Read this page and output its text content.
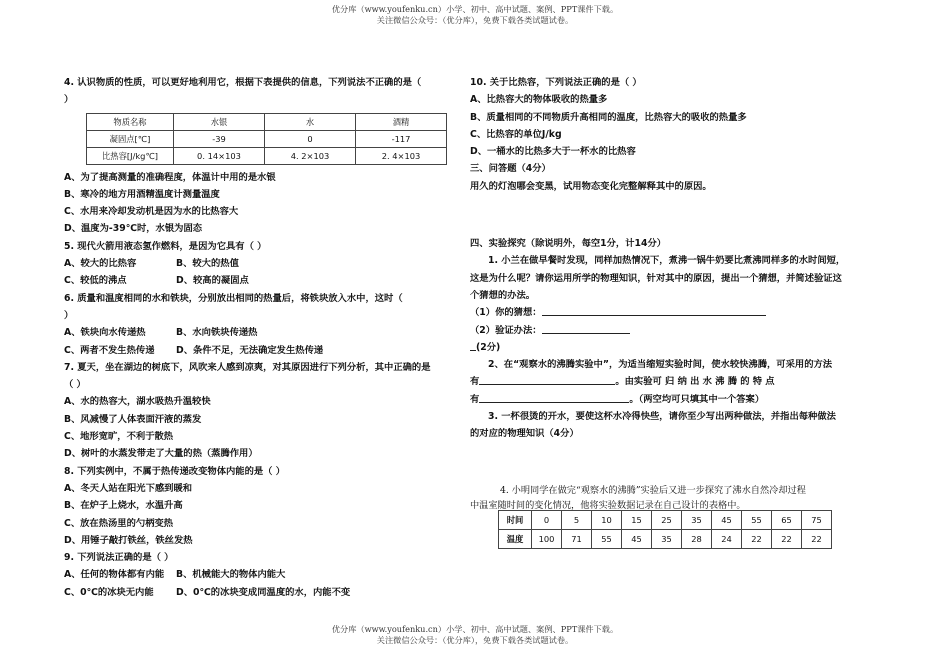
优分库（www.youfenku.cn）小学、初中、高中试题、案例、PPT课件下载。
关注微信公众号：（优分库），免费下载各类试题试卷。
4. 认识物质的性质，可以更好地利用它，根据下表提供的信息，下列说法不正确的是（
）
物质名称	水银	水	酒精
凝固点[℃]	-39	0	-117
比热容[J/kg℃]	0. 14×103	4. 2×103	2. 4×103
A、为了提高测量的准确程度，体温计中用的是水银
B、寒冷的地方用酒精温度计测量温度
C、水用来冷却发动机是因为水的比热容大
D、温度为-39℃时，水银为固态
5. 现代火箭用液态氢作燃料，是因为它具有（ ）
A、较大的比热容	B、较大的热值
C、较低的沸点	D、较高的凝固点
6. 质量和温度相同的水和铁块，分别放出相同的热量后，将铁块放入水中，这时（
）
A、铁块向水传递热	B、水向铁块传递热
C、两者不发生热传递 D、条件不足，无法确定发生热传递
7. 夏天，坐在湖边的树底下，风吹来人感到凉爽，对其原因进行下列分析，其中正确的是
（ ）
A、水的热容大，湖水吸热升温较快
B、风减慢了人体表面汗液的蒸发
C、地形宽旷，不利于散热
D、树叶的水蒸发带走了大量的热（蒸腾作用）
8. 下列实例中，不属于热传递改变物体内能的是（ ）
A、冬天人站在阳光下感到暖和
B、在炉子上烧水，水温升高
C、放在热汤里的勺柄变热
D、用锤子敲打铁丝，铁丝发热
9. 下列说法正确的是（ ）
A、任何的物体都有内能 B、机械能大的物体内能大
C、0℃的冰块无内能 D、0℃的冰块变成同温度的水，内能不变
10. 关于比热容，下列说法正确的是（ ）
A、比热容大的物体吸收的热量多
B、质量相同的不同物质升高相同的温度，比热容大的吸收的热量多
C、比热容的单位J/kg
D、一桶水的比热多大于一杯水的比热容
三、问答题（4分）
用久的灯泡哪会变黑，试用物态变化完整解释其中的原因。
四、实验探究（除说明外，每空1分，计14分）
1. 小兰在做早餐时发现，同样加热情况下，煮沸一锅牛奶要比煮沸同样多的水时间短，
这是为什么呢？请你运用所学的物理知识，针对其中的原因，提出一个猜想，并简述验证这
个猜想的办法。
（1）你的猜想：
（2）验证办法：
(2分)
2、在“观察水的沸腾实验中”，为适当缩短实验时间，使水较快沸腾，可采用的方法
有	。由实验可 归 纳 出 水 沸 腾 的 特 点
有	。（两空均可只填其中一个答案）
3. 一杯很烫的开水，要使这杯水冷得快些，请你至少写出两种做法，并指出每种做法
的对应的物理知识（4分）
4. 小明同学在做完“观察水的沸腾”实验后又进一步探究了沸水自然冷却过程中温室随时间的变化情况，他将实验数据记录在自己设计的表格中。
时间	0	5	10	15	25	35	45	55	65	75
温度	100	71	55	45	35	28	24	22	22	22
优分库（www.youfenku.cn）小学、初中、高中试题、案例、PPT课件下载。
关注微信公众号：（优分库），免费下载各类试题试卷。
